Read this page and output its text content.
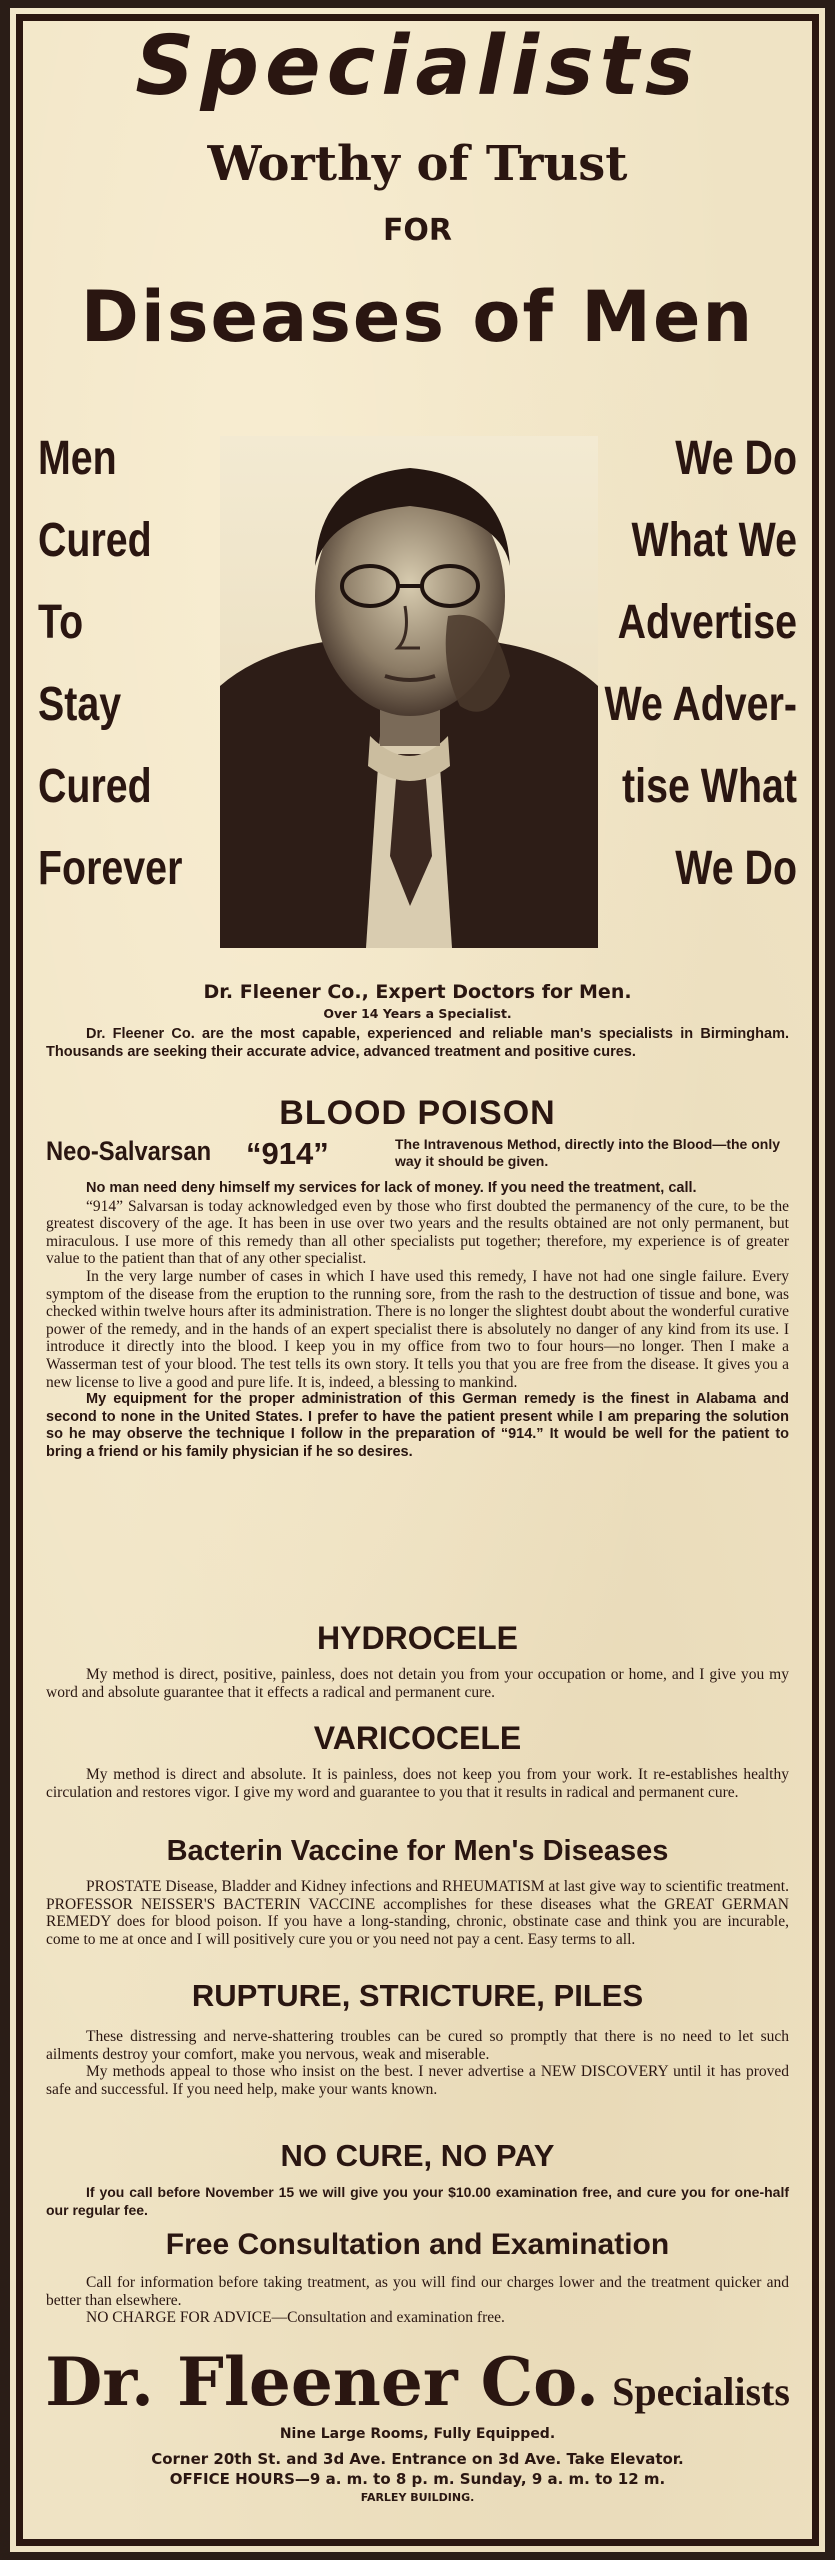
Specialists
Worthy of Trust
FOR
Diseases of Men
Men
Cured
To
Stay
Cured
Forever
We Do
What We
Advertise
We Adver-
tise What
We Do
Dr. Fleener Co., Expert Doctors for Men.
Over 14 Years a Specialist.

Dr. Fleener Co. are the most capable, experienced and reliable man's specialists in Birmingham. Thousands are seeking their accurate advice, advanced treatment and positive cures.

BLOOD POISON
Neo-Salvarsan “914”	The Intravenous Method, directly into the Blood—the only way it should be given.

No man need deny himself my services for lack of money. If you need the treatment, call.

“914” Salvarsan is today acknowledged even by those who first doubted the permanency of the cure, to be the greatest discovery of the age. It has been in use over two years and the results obtained are not only permanent, but miraculous. I use more of this remedy than all other specialists put together; therefore, my experience is of greater value to the patient than that of any other specialist.

In the very large number of cases in which I have used this remedy, I have not had one single failure. Every symptom of the disease from the eruption to the running sore, from the rash to the destruction of tissue and bone, was checked within twelve hours after its administration. There is no longer the slightest doubt about the wonderful curative power of the remedy, and in the hands of an expert specialist there is absolutely no danger of any kind from its use. I introduce it directly into the blood. I keep you in my office from two to four hours—no longer. Then I make a Wasserman test of your blood. The test tells its own story. It tells you that you are free from the disease. It gives you a new license to live a good and pure life. It is, indeed, a blessing to mankind.

My equipment for the proper administration of this German remedy is the finest in Alabama and second to none in the United States. I prefer to have the patient present while I am preparing the solution so he may observe the technique I follow in the preparation of “914.” It would be well for the patient to bring a friend or his family physician if he so desires.

HYDROCELE

My method is direct, positive, painless, does not detain you from your occupation or home, and I give you my word and absolute guarantee that it effects a radical and permanent cure.

VARICOCELE

My method is direct and absolute. It is painless, does not keep you from your work. It re-establishes healthy circulation and restores vigor. I give my word and guarantee to you that it results in radical and permanent cure.

Bacterin Vaccine for Men's Diseases

PROSTATE Disease, Bladder and Kidney infections and RHEUMATISM at last give way to scientific treatment. PROFESSOR NEISSER'S BACTERIN VACCINE accomplishes for these diseases what the GREAT GERMAN REMEDY does for blood poison. If you have a long-standing, chronic, obstinate case and think you are incurable, come to me at once and I will positively cure you or you need not pay a cent. Easy terms to all.

RUPTURE, STRICTURE, PILES

These distressing and nerve-shattering troubles can be cured so promptly that there is no need to let such ailments destroy your comfort, make you nervous, weak and miserable.

My methods appeal to those who insist on the best. I never advertise a NEW DISCOVERY until it has proved safe and successful. If you need help, make your wants known.

NO CURE, NO PAY

If you call before November 15 we will give you your $10.00 examination free, and cure you for one-half our regular fee.

Free Consultation and Examination

Call for information before taking treatment, as you will find our charges lower and the treatment quicker and better than elsewhere.

NO CHARGE FOR ADVICE—Consultation and examination free.

Dr. Fleener Co. Specialists
Nine Large Rooms, Fully Equipped.
Corner 20th St. and 3d Ave. Entrance on 3d Ave. Take Elevator.
OFFICE HOURS—9 a. m. to 8 p. m. Sunday, 9 a. m. to 12 m.
FARLEY BUILDING.
